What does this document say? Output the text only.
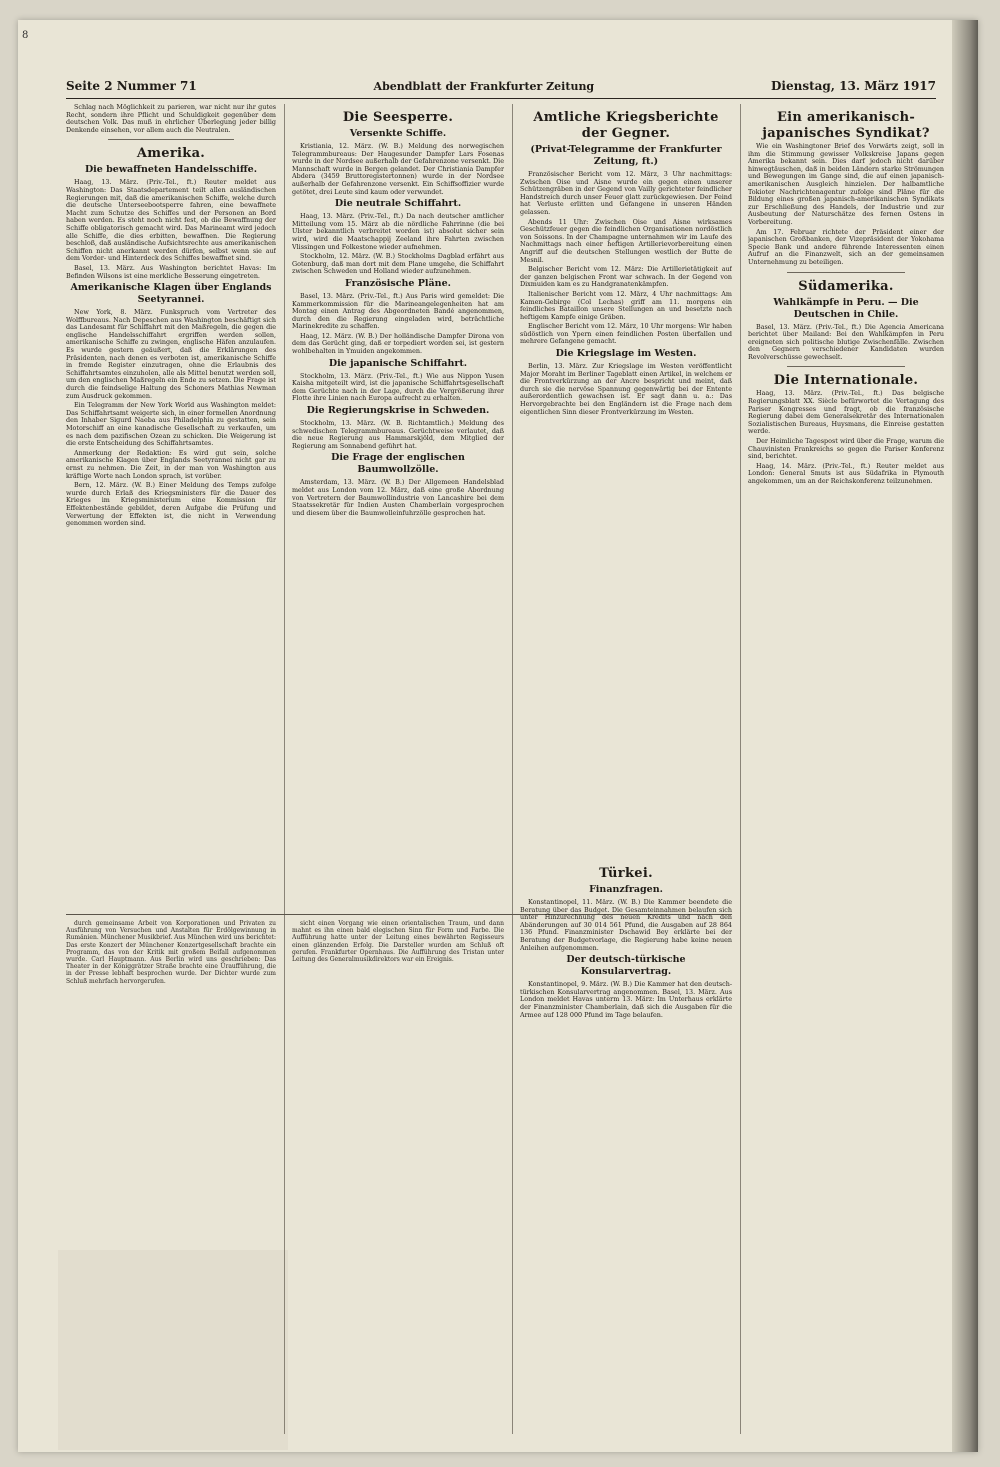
8
Seite 2 Nummer 71	Abendblatt der Frankfurter Zeitung	Dienstag, 13. März 1917

Schlag nach Möglichkeit zu parieren, war nicht nur ihr gutes Recht, sondern ihre Pflicht und Schuldigkeit gegenüber dem deutschen Volk. Das muß in ehrlicher Überlegung jeder billig Denkende einsehen, vor allem auch die Neutralen.

Amerika.
Die bewaffneten Handelsschiffe.

Haag, 13. März. (Priv.-Tel., ft.) Reuter meldet aus Washington: Das Staatsdepartement teilt allen ausländischen Regierungen mit, daß die amerikanischen Schiffe, welche durch die deutsche Unterseebootsperre fahren, eine bewaffnete Macht zum Schutze des Schiffes und der Personen an Bord haben werden. Es steht noch nicht fest, ob die Bewaffnung der Schiffe obligatorisch gemacht wird. Das Marineamt wird jedoch alle Schiffe, die dies erbitten, bewaffnen. Die Regierung beschloß, daß ausländische Aufsichtsrechte aus amerikanischen Schiffen nicht anerkannt werden dürfen, selbst wenn sie auf dem Vorder- und Hinterdeck des Schiffes bewaffnet sind.

Basel, 13. März. Aus Washington berichtet Havas: Im Befinden Wilsons ist eine merkliche Besserung eingetreten.

Amerikanische Klagen über Englands Seetyrannei.

New York, 8. März. Funkspruch vom Vertreter des Wolffbureaus. Nach Depeschen aus Washington beschäftigt sich das Landesamt für Schiffahrt mit den Maßregeln, die gegen die englische Handelsschiffahrt ergriffen werden sollen, amerikanische Schiffe zu zwingen, englische Häfen anzulaufen. Es wurde gestern geäußert, daß die Erklärungen des Präsidenten, nach denen es verboten ist, amerikanische Schiffe in fremde Register einzutragen, ohne die Erlaubnis des Schiffahrtsamtes einzuholen, alle als Mittel benutzt werden soll, um den englischen Maßregeln ein Ende zu setzen. Die Frage ist durch die feindselige Haltung des Schoners Mathias Newman zum Ausdruck gekommen.

Ein Telegramm der New York World aus Washington meldet: Das Schiffahrtsamt weigerte sich, in einer formellen Anordnung den Inhaber Sigurd Naeba aus Philadelphia zu gestatten, sein Motorschiff an eine kanadische Gesellschaft zu verkaufen, um es nach dem pazifischen Ozean zu schicken. Die Weigerung ist die erste Entscheidung des Schiffahrtsamtes.

Anmerkung der Redaktion: Es wird gut sein, solche amerikanische Klagen über Englands Seetyrannei nicht gar zu ernst zu nehmen. Die Zeit, in der man von Washington aus kräftige Worte nach London sprach, ist vorüber.

Bern, 12. März. (W. B.) Einer Meldung des Temps zufolge wurde durch Erlaß des Kriegsministers für die Dauer des Krieges im Kriegsministerium eine Kommission für Effektenbestände gebildet, deren Aufgabe die Prüfung und Verwertung der Effekten ist, die nicht in Verwendung genommen worden sind.

Die Seesperre.
Versenkte Schiffe.

Kristiania, 12. März. (W. B.) Meldung des norwegischen Telegrammbureaus: Der Haugesunder Dampfer Lars Fosenas wurde in der Nordsee außerhalb der Gefahrenzone versenkt. Die Mannschaft wurde in Bergen gelandet. Der Christiania Dampfer Abdera (3459 Bruttoregistertonnen) wurde in der Nordsee außerhalb der Gefahrenzone versenkt. Ein Schiffsoffizier wurde getötet, drei Leute sind kaum oder verwundet.

Die neutrale Schiffahrt.

Haag, 13. März. (Priv.-Tel., ft.) Da nach deutscher amtlicher Mitteilung vom 15. März ab die nördliche Fahrrinne (die bei Ulster bekanntlich verbreitet worden ist) absolut sicher sein wird, wird die Maatschappij Zeeland ihre Fahrten zwischen Vlissingen und Folkestone wieder aufnehmen.

Stockholm, 12. März. (W. B.) Stockholms Dagblad erfährt aus Gotenburg, daß man dort mit dem Plane umgehe, die Schiffahrt zwischen Schweden und Holland wieder aufzunehmen.

Französische Pläne.

Basel, 13. März. (Priv.-Tel., ft.) Aus Paris wird gemeldet: Die Kammerkommission für die Marineangelegenheiten hat am Montag einen Antrag des Abgeordneten Bandé angenommen, durch den die Regierung eingeladen wird, beträchtliche Marinekredite zu schaffen.

Haag, 12. März. (W. B.) Der holländische Dampfer Dirona von dem das Gerücht ging, daß er torpediert worden sei, ist gestern wohlbehalten in Ymuiden angekommen.

Die japanische Schiffahrt.

Stockholm, 13. März. (Priv.-Tel., ft.) Wie aus Nippon Yusen Kaisha mitgeteilt wird, ist die japanische Schiffahrtsgesellschaft dem Gerüchte nach in der Lage, durch die Vergrößerung ihrer Flotte ihre Linien nach Europa aufrecht zu erhalten.

Die Regierungskrise in Schweden.

Stockholm, 13. März. (W. B. Richtamtlich.) Meldung des schwedischen Telegrammbureaus. Gerüchtweise verlautet, daß die neue Regierung aus Hammarskjöld, dem Mitglied der Regierung am Sonnabend geführt hat.

Die Frage der englischen Baumwollzölle.

Amsterdam, 13. März. (W. B.) Der Allgemeen Handelsblad meldet aus London vom 12. März, daß eine große Abordnung von Vertretern der Baumwollindustrie von Lancashire bei dem Staatssekretär für Indien Austen Chamberlain vorgesprochen und diesem über die Baumwolleinfuhrzölle gesprochen hat.

Amtliche Kriegsberichte der Gegner.
(Privat-Telegramme der Frankfurter Zeitung, ft.)

Französischer Bericht vom 12. März, 3 Uhr nachmittags: Zwischen Oise und Aisne wurde ein gegen einen unserer Schützengräben in der Gegend von Vailly gerichteter feindlicher Handstreich durch unser Feuer glatt zurückgewiesen. Der Feind hat Verluste erlitten und Gefangene in unseren Händen gelassen.

Abends 11 Uhr: Zwischen Oise und Aisne wirksames Geschützfeuer gegen die feindlichen Organisationen nordöstlich von Soissons. In der Champagne unternahmen wir im Laufe des Nachmittags nach einer heftigen Artillerievorbereitung einen Angriff auf die deutschen Stellungen westlich der Butte de Mesnil.

Belgischer Bericht vom 12. März: Die Artillerietätigkeit auf der ganzen belgischen Front war schwach. In der Gegend von Dixmuiden kam es zu Handgranatenkämpfen.

Italienischer Bericht vom 12. März, 4 Uhr nachmittags: Am Kamen-Gebirge (Col Lechas) griff am 11. morgens ein feindliches Bataillon unsere Stellungen an und besetzte nach heftigem Kampfe einige Gräben.

Englischer Bericht vom 12. März, 10 Uhr morgens: Wir haben südöstlich von Ypern einen feindlichen Posten überfallen und mehrere Gefangene gemacht.

Die Kriegslage im Westen.

Berlin, 13. März. Zur Kriegslage im Westen veröffentlicht Major Moraht im Berliner Tageblatt einen Artikel, in welchem er die Frontverkürzung an der Ancre bespricht und meint, daß durch sie die nervöse Spannung gegenwärtig bei der Entente außerordentlich gewachsen ist. Er sagt dann u. a.: Das Hervorgebrachte bei den Engländern ist die Frage nach dem eigentlichen Sinn dieser Frontverkürzung im Westen.

Ein amerikanisch-japanisches Syndikat?

Wie ein Washingtoner Brief des Vorwärts zeigt, soll in ihm die Stimmung gewisser Volkskreise Japans gegen Amerika bekannt sein. Dies darf jedoch nicht darüber hinwegtäuschen, daß in beiden Ländern starke Strömungen und Bewegungen im Gange sind, die auf einen japanisch-amerikanischen Ausgleich hinzielen. Der halbamtliche Tokioter Nachrichtenagentur zufolge sind Pläne für die Bildung eines großen japanisch-amerikanischen Syndikats zur Erschließung des Handels, der Industrie und zur Ausbeutung der Naturschätze des fernen Ostens in Vorbereitung.

Am 17. Februar richtete der Präsident einer der japanischen Großbanken, der Vizepräsident der Yokohama Specie Bank und andere führende Interessenten einen Aufruf an die Finanzwelt, sich an der gemeinsamen Unternehmung zu beteiligen.

Südamerika.
Wahlkämpfe in Peru. — Die Deutschen in Chile.

Basel, 13. März. (Priv.-Tel., ft.) Die Agencia Americana berichtet über Mailand: Bei den Wahlkämpfen in Peru ereigneten sich politische blutige Zwischenfälle. Zwischen den Gegnern verschiedener Kandidaten wurden Revolverschüsse gewechselt.

Die Internationale.

Haag, 13. März. (Priv.-Tel., ft.) Das belgische Regierungsblatt XX. Siècle befürwortet die Vertagung des Pariser Kongresses und fragt, ob die französische Regierung dabei dem Generalsekretär des Internationalen Sozialistischen Bureaus, Huysmans, die Einreise gestatten werde.

Der Heimliche Tagespost wird über die Frage, warum die Chauvinisten Frankreichs so gegen die Pariser Konferenz sind, berichtet.

Haag, 14. März. (Priv.-Tel., ft.) Reuter meldet aus London: General Smuts ist aus Südafrika in Plymouth angekommen, um an der Reichskonferenz teilzunehmen.

durch gemeinsame Arbeit von Korporationen und Privaten zu Ausführung von Versuchen und Anstalten für Erdölgewinnung in Rumänien. Münchener Musikbrief. Aus München wird uns berichtet: Das erste Konzert der Münchener Konzertgesellschaft brachte ein Programm, das von der Kritik mit großem Beifall aufgenommen wurde. Carl Hauptmann. Aus Berlin wird uns geschrieben: Das Theater in der Königgrätzer Straße brachte eine Uraufführung, die in der Presse lebhaft besprochen wurde. Der Dichter wurde zum Schluß mehrfach hervorgerufen.

sicht einen Vorgang wie einen orientalischen Traum, und dann mahnt es ihn einen bald elegischen Sinn für Form und Farbe. Die Aufführung hatte unter der Leitung eines bewährten Regisseurs einen glänzenden Erfolg. Die Darsteller wurden am Schluß oft gerufen. Frankfurter Opernhaus. Die Aufführung des Tristan unter Leitung des Generalmusikdirektors war ein Ereignis.

Türkei.
Finanzfragen.

Konstantinopel, 11. März. (W. B.) Die Kammer beendete die Beratung über das Budget. Die Gesamteinnahmen belaufen sich unter Hinzurechnung des neuen Kredits und nach den Abänderungen auf 30 014 561 Pfund, die Ausgaben auf 28 864 136 Pfund. Finanzminister Dschawid Bey erklärte bei der Beratung der Budgetvorlage, die Regierung habe keine neuen Anleihen aufgenommen.

Der deutsch-türkische Konsularvertrag.

Konstantinopel, 9. März. (W. B.) Die Kammer hat den deutsch-türkischen Konsularvertrag angenommen. Basel, 13. März. Aus London meldet Havas unterm 13. März: Im Unterhaus erklärte der Finanzminister Chamberlain, daß sich die Ausgaben für die Armee auf 128 000 Pfund im Tage belaufen.
